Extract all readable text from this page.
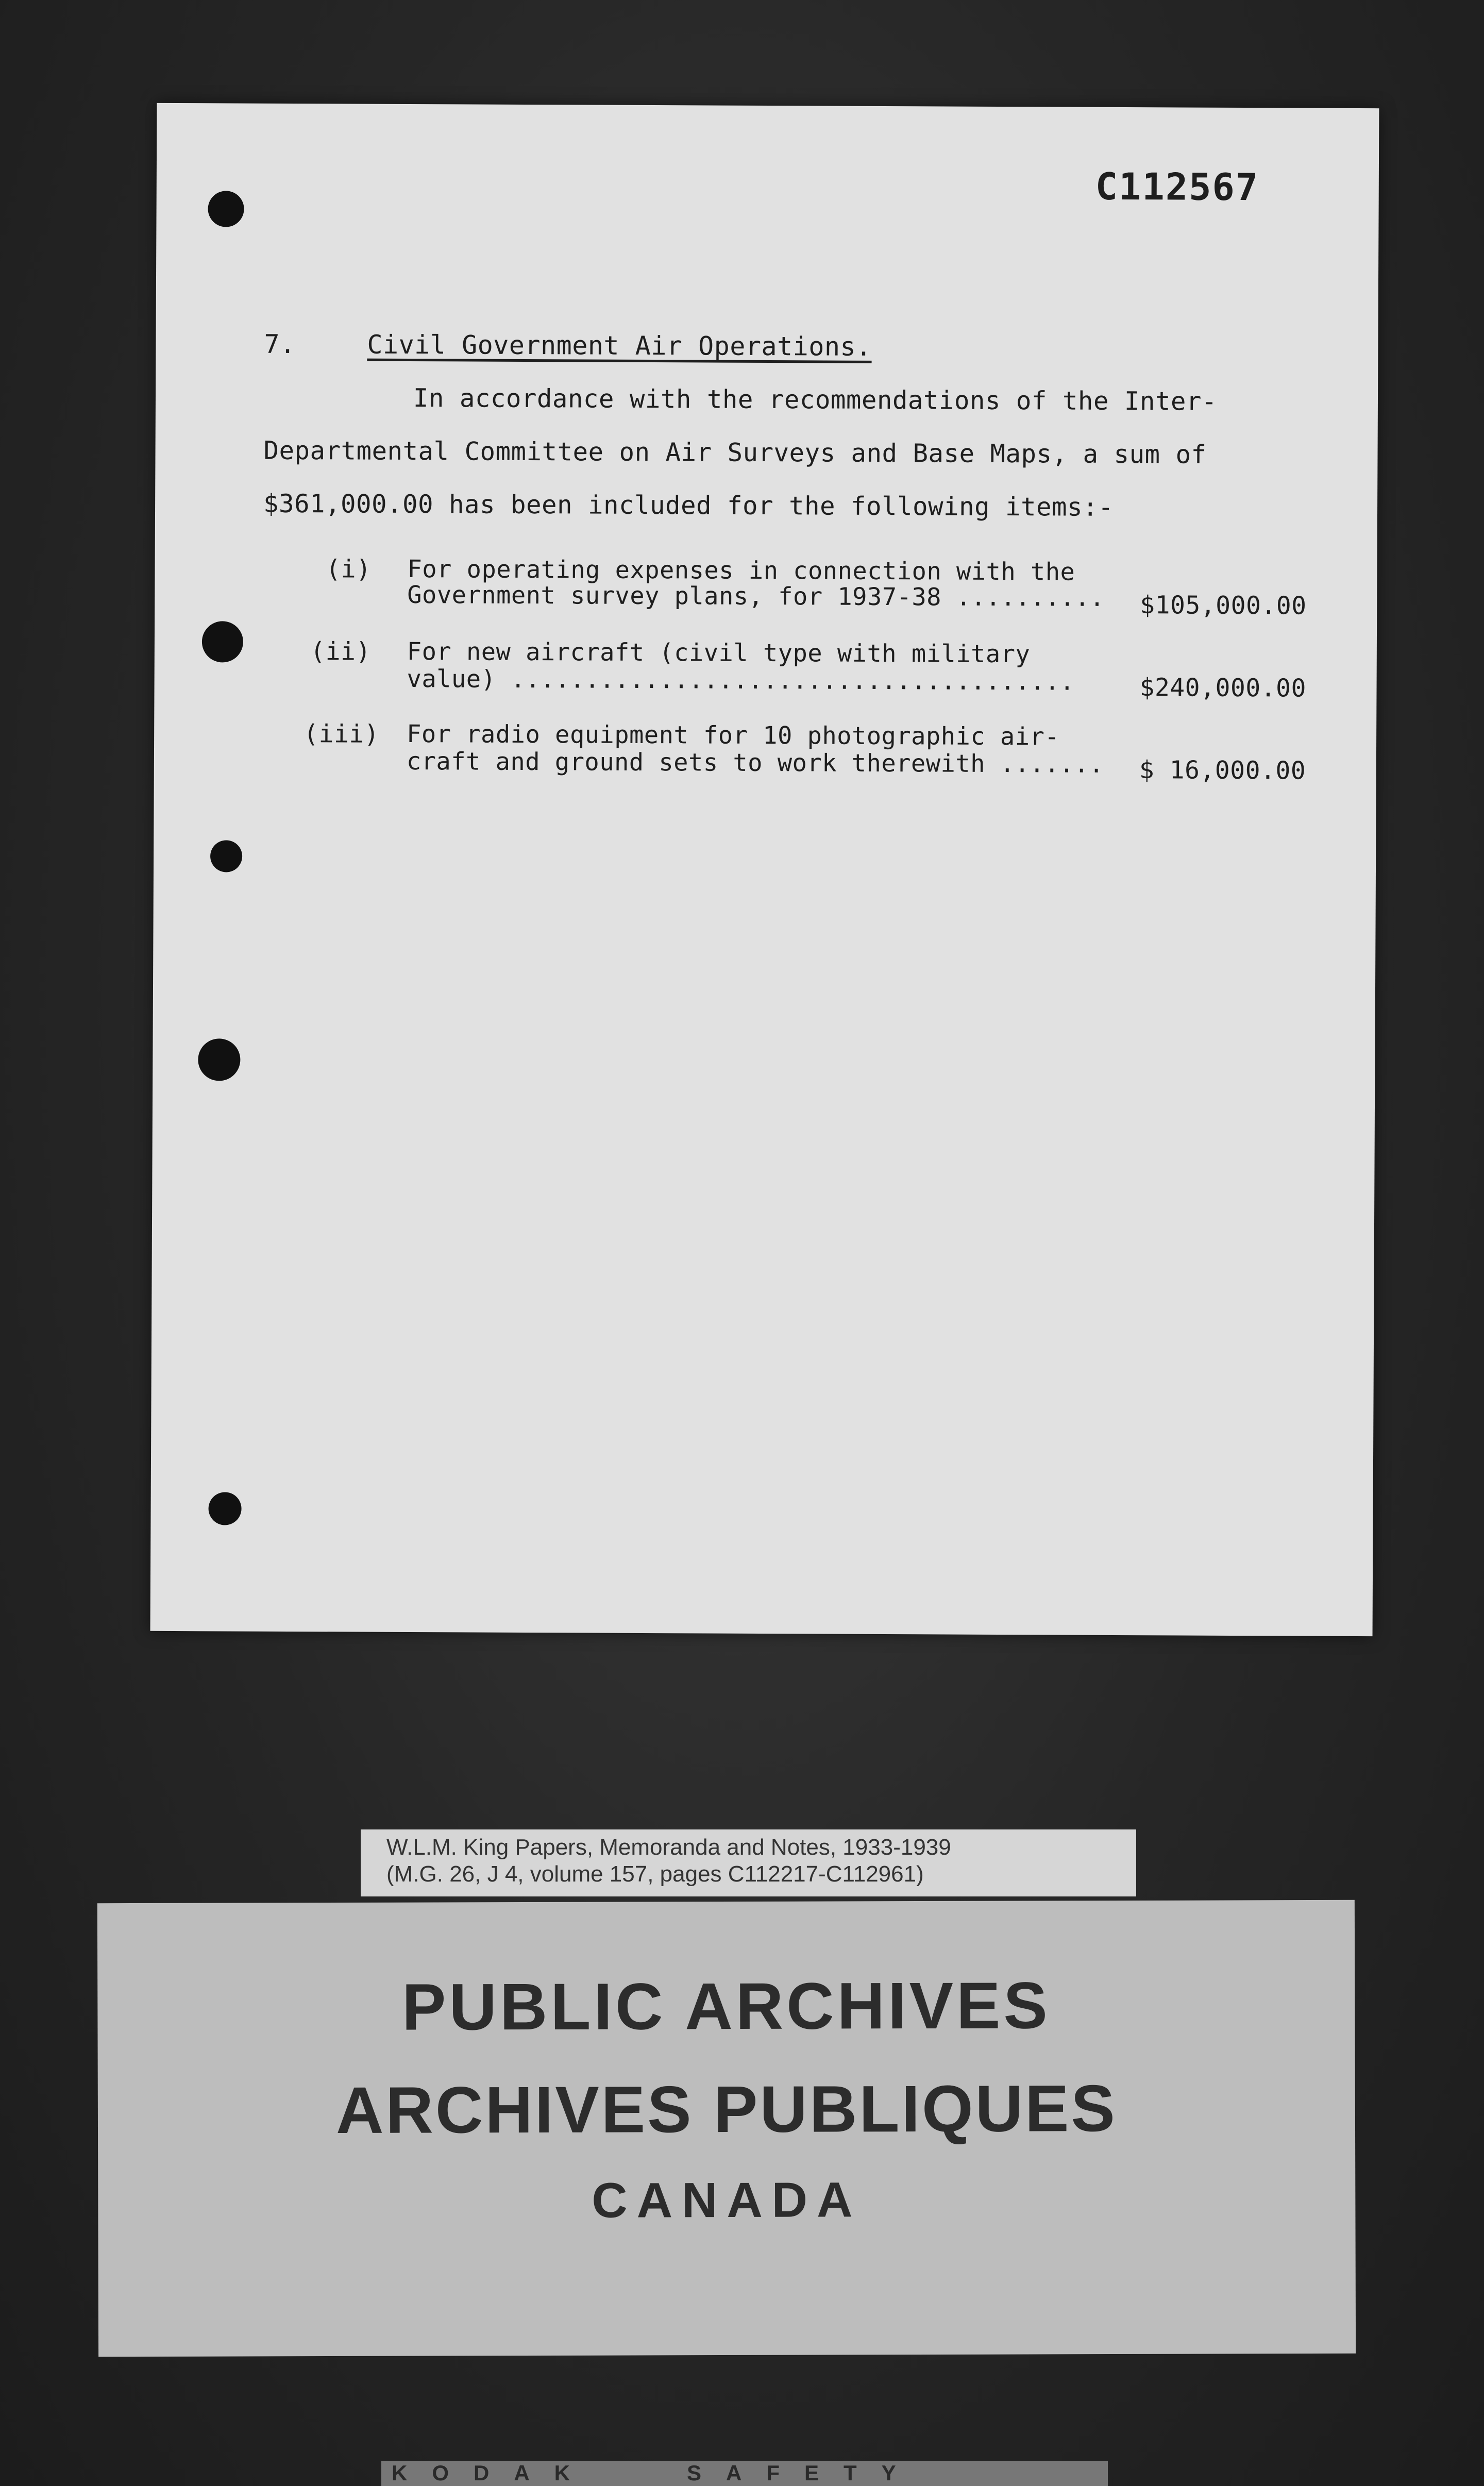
C112567
7.	Civil Government Air Operations.
In accordance with the recommendations of the Inter-
Departmental Committee on Air Surveys and Base Maps, a sum of
$361,000.00 has been included for the following items:-
(i) For operating expenses in connection with the
Government survey plans, for 1937-38 .......... $105,000.00
(ii) For new aircraft (civil type with military
value) ......................................	$240,000.00
(iii) For radio equipment for 10 photographic air-
craft and ground sets to work therewith ....... $ 16,000.00
W.L.M. King Papers, Memoranda and Notes, 1933-1939
(M.G. 26, J 4, volume 157, pages C112217-C112961)
PUBLIC ARCHIVES
ARCHIVES PUBLIQUES
CANADA
KODAK   SAFETY
